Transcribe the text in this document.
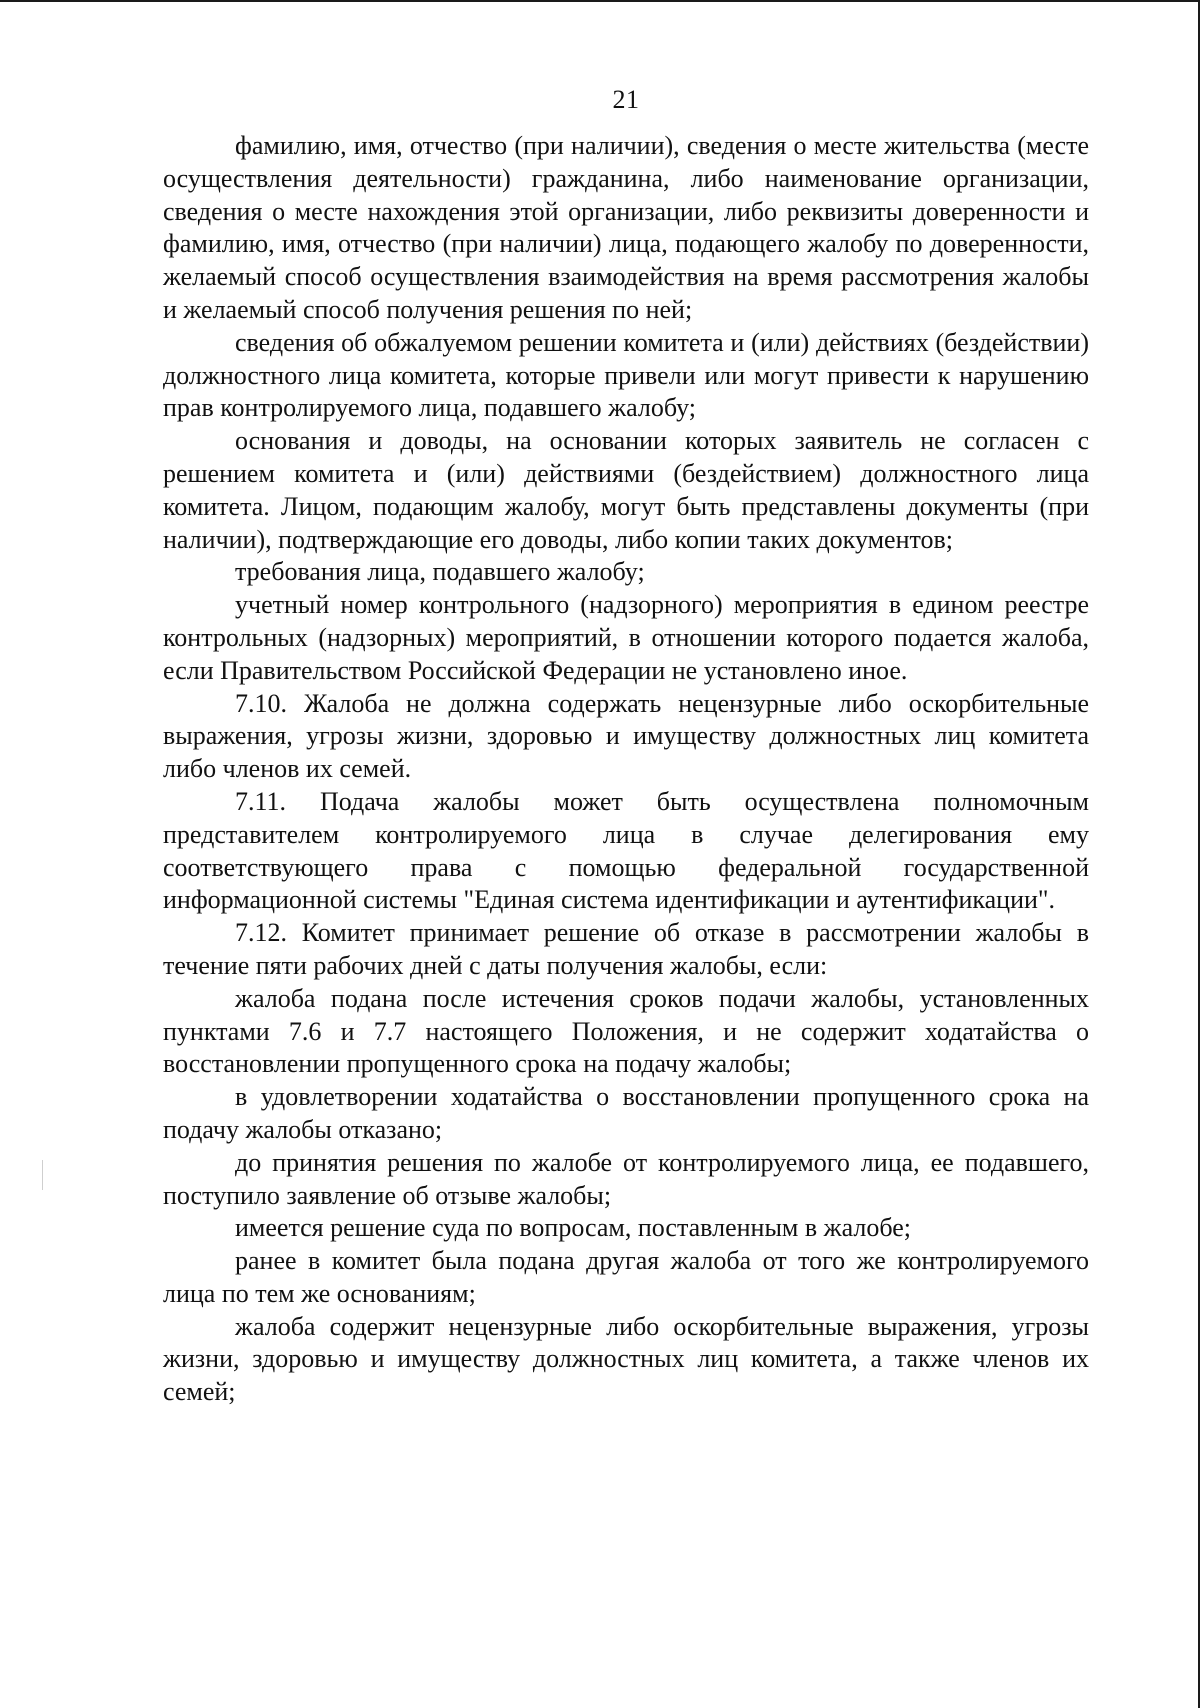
21

фамилию, имя, отчество (при наличии), сведения о месте жительства (месте осуществления деятельности) гражданина, либо наименование организации, сведения о месте нахождения этой организации, либо реквизиты доверенности и фамилию, имя, отчество (при наличии) лица, подающего жалобу по доверенности, желаемый способ осуществления взаимодействия на время рассмотрения жалобы и желаемый способ получения решения по ней;

сведения об обжалуемом решении комитета и (или) действиях (бездействии) должностного лица комитета, которые привели или могут привести к нарушению прав контролируемого лица, подавшего жалобу;

основания и доводы, на основании которых заявитель не согласен с решением комитета и (или) действиями (бездействием) должностного лица комитета. Лицом, подающим жалобу, могут быть представлены документы (при наличии), подтверждающие его доводы, либо копии таких документов;

требования лица, подавшего жалобу;

учетный номер контрольного (надзорного) мероприятия в едином реестре контрольных (надзорных) мероприятий, в отношении которого подается жалоба, если Правительством Российской Федерации не установлено иное.

7.10. Жалоба не должна содержать нецензурные либо оскорбительные выражения, угрозы жизни, здоровью и имуществу должностных лиц комитета либо членов их семей.

7.11. Подача жалобы может быть осуществлена полномочным представителем контролируемого лица в случае делегирования ему соответствующего права с помощью федеральной государственной информационной системы "Единая система идентификации и аутентификации".

7.12. Комитет принимает решение об отказе в рассмотрении жалобы в течение пяти рабочих дней с даты получения жалобы, если:

жалоба подана после истечения сроков подачи жалобы, установленных пунктами 7.6 и 7.7 настоящего Положения, и не содержит ходатайства о восстановлении пропущенного срока на подачу жалобы;

в удовлетворении ходатайства о восстановлении пропущенного срока на подачу жалобы отказано;

до принятия решения по жалобе от контролируемого лица, ее подавшего, поступило заявление об отзыве жалобы;

имеется решение суда по вопросам, поставленным в жалобе;

ранее в комитет была подана другая жалоба от того же контролируемого лица по тем же основаниям;

жалоба содержит нецензурные либо оскорбительные выражения, угрозы жизни, здоровью и имуществу должностных лиц комитета, а также членов их семей;
